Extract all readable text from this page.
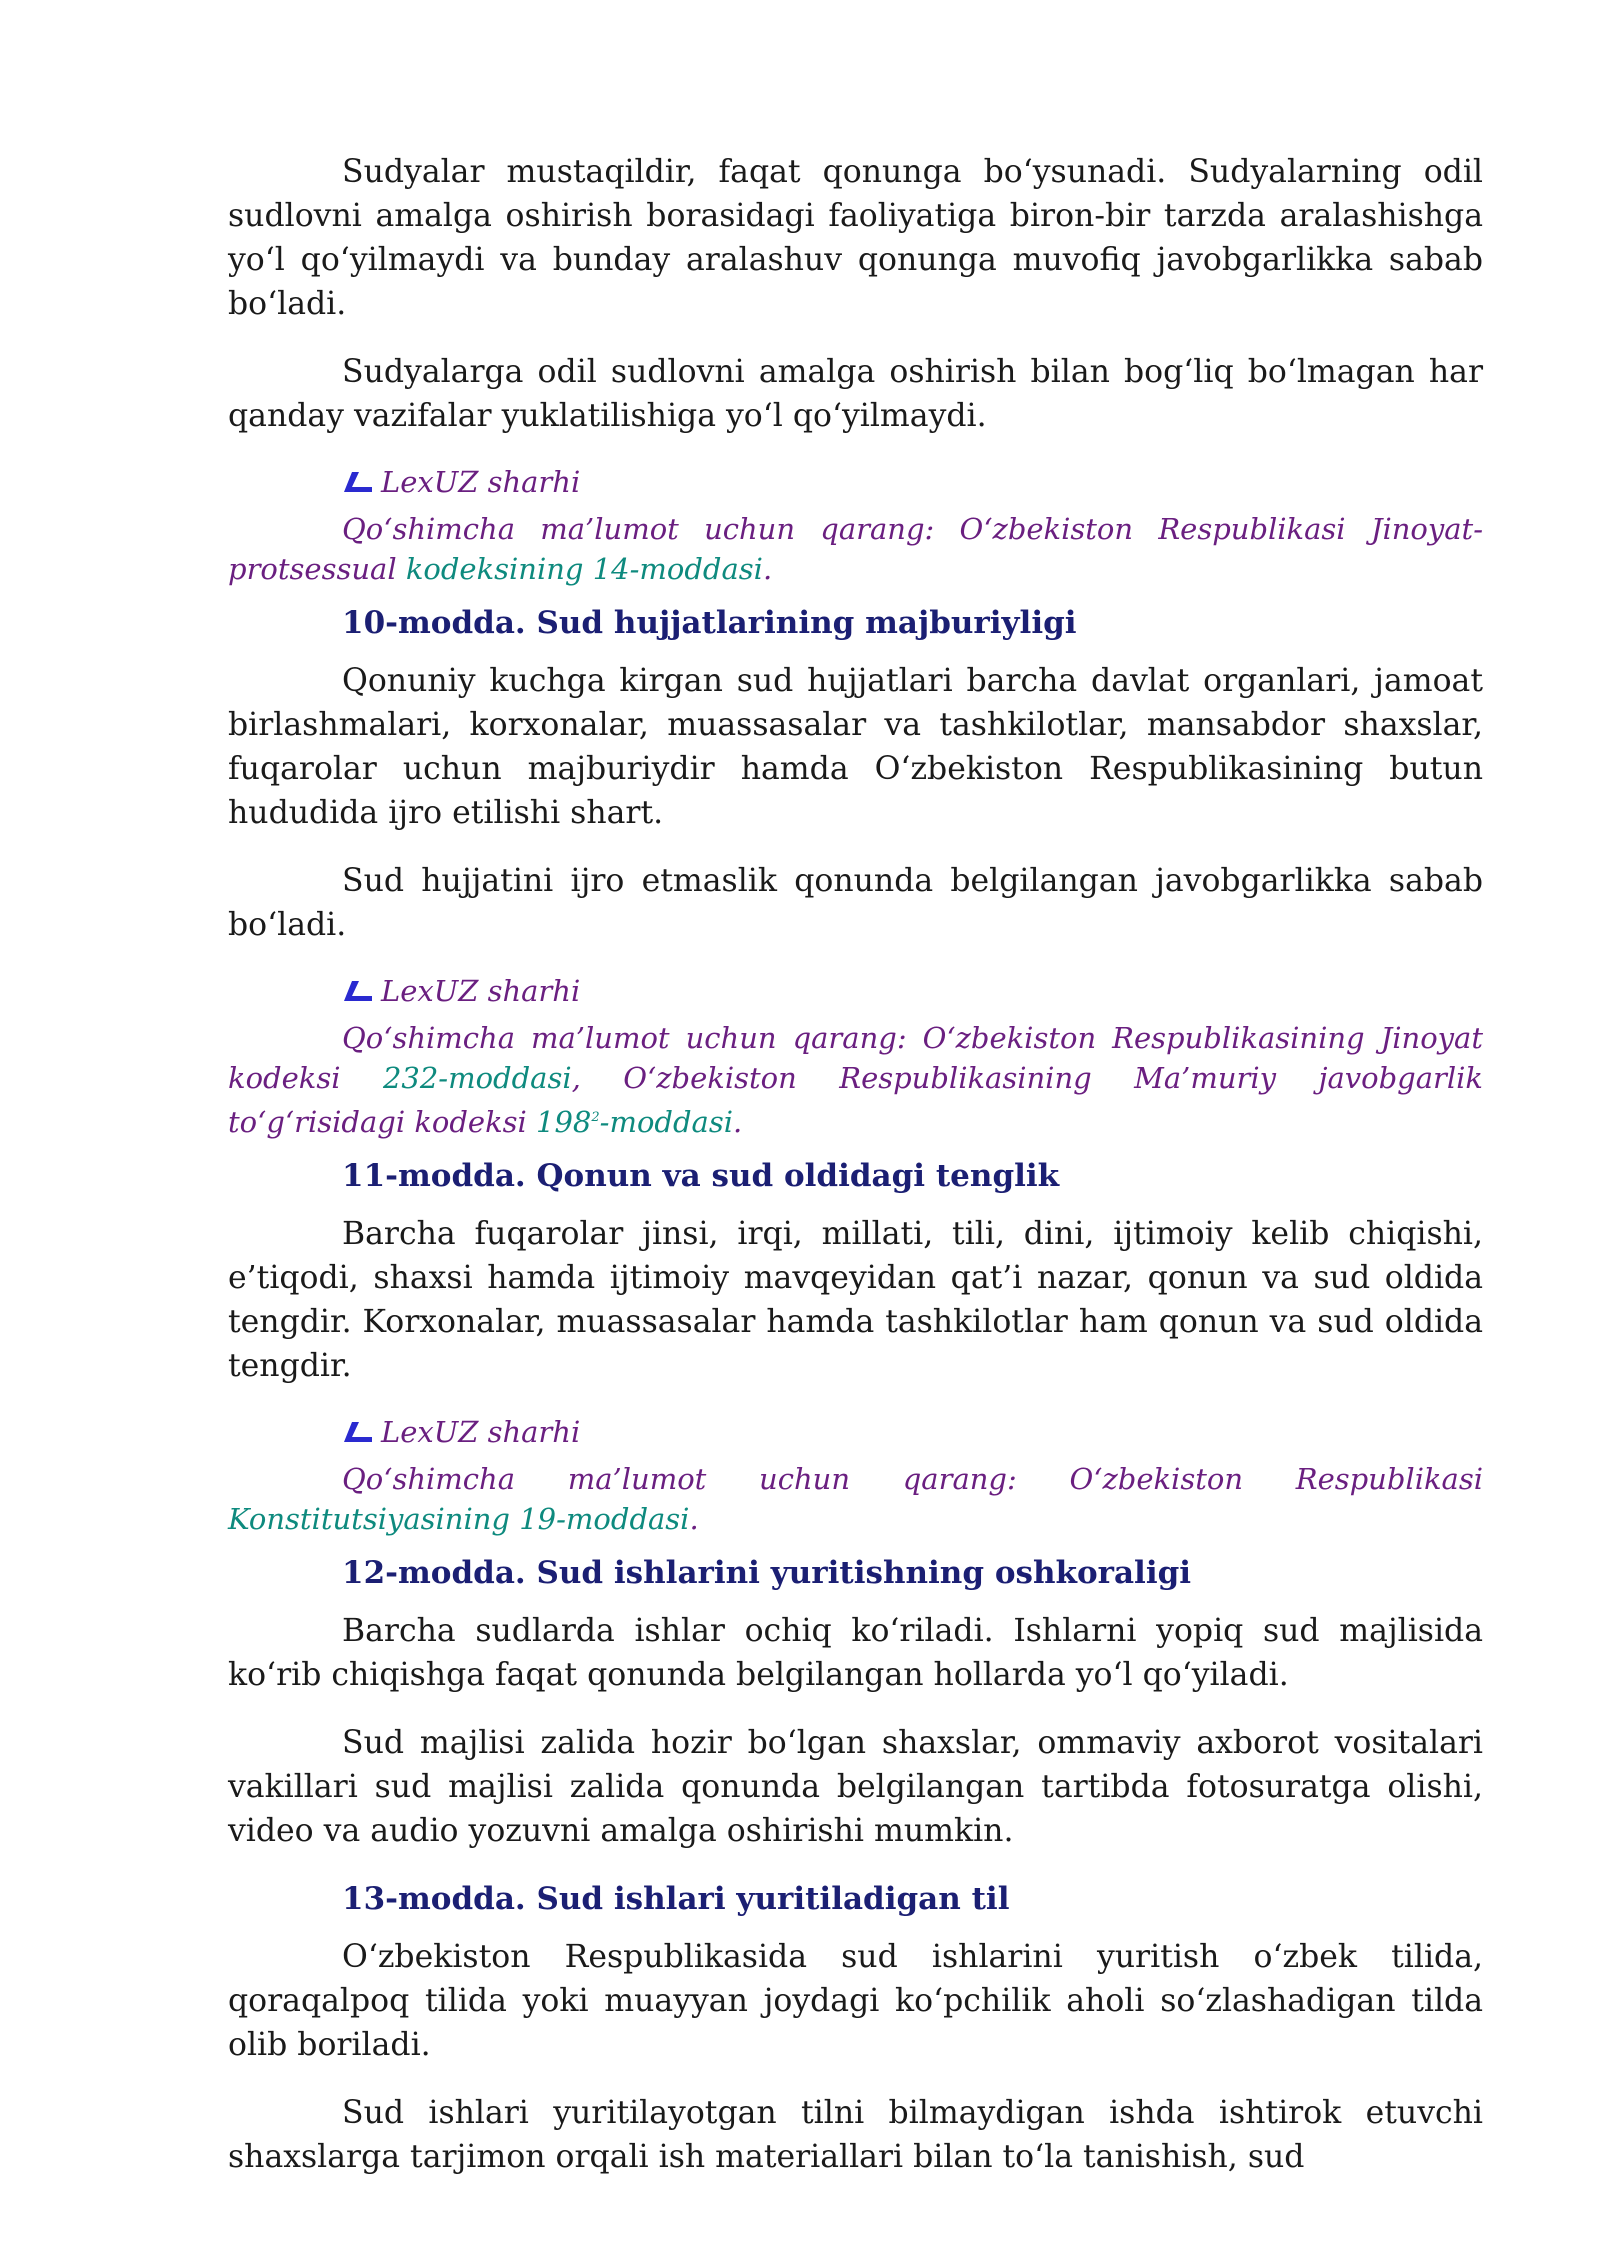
Sudyalar mustaqildir, faqat qonunga bo‘ysunadi. Sudyalarning odil sudlovni amalga oshirish borasidagi faoliyatiga biron-bir tarzda aralashishga yo‘l qo‘yilmaydi va bunday aralashuv qonunga muvofiq javobgarlikka sabab bo‘ladi.

Sudyalarga odil sudlovni amalga oshirish bilan bog‘liq bo‘lmagan har qanday vazifalar yuklatilishiga yo‘l qo‘yilmaydi.

LexUZ sharhi

Qo‘shimcha ma’lumot uchun qarang: O‘zbekiston Respublikasi Jinoyat-protsessual kodeksining 14-moddasi.

10-modda. Sud hujjatlarining majburiyligi

Qonuniy kuchga kirgan sud hujjatlari barcha davlat organlari, jamoat birlashmalari, korxonalar, muassasalar va tashkilotlar, mansabdor shaxslar, fuqarolar uchun majburiydir hamda O‘zbekiston Respublikasining butun hududida ijro etilishi shart.

Sud hujjatini ijro etmaslik qonunda belgilangan javobgarlikka sabab bo‘ladi.

LexUZ sharhi

Qo‘shimcha ma’lumot uchun qarang: O‘zbekiston Respublikasining Jinoyat kodeksi 232-moddasi, O‘zbekiston Respublikasining Ma’muriy javobgarlik to‘g‘risidagi kodeksi $198^2$-moddasi.

11-modda. Qonun va sud oldidagi tenglik

Barcha fuqarolar jinsi, irqi, millati, tili, dini, ijtimoiy kelib chiqishi, e’tiqodi, shaxsi hamda ijtimoiy mavqeyidan qat’i nazar, qonun va sud oldida tengdir. Korxonalar, muassasalar hamda tashkilotlar ham qonun va sud oldida tengdir.

LexUZ sharhi

Qo‘shimcha ma’lumot uchun qarang: O‘zbekiston Respublikasi Konstitutsiyasining 19-moddasi.

12-modda. Sud ishlarini yuritishning oshkoraligi

Barcha sudlarda ishlar ochiq ko‘riladi. Ishlarni yopiq sud majlisida ko‘rib chiqishga faqat qonunda belgilangan hollarda yo‘l qo‘yiladi.

Sud majlisi zalida hozir bo‘lgan shaxslar, ommaviy axborot vositalari vakillari sud majlisi zalida qonunda belgilangan tartibda fotosuratga olishi, video va audio yozuvni amalga oshirishi mumkin.

13-modda. Sud ishlari yuritiladigan til

O‘zbekiston Respublikasida sud ishlarini yuritish o‘zbek tilida, qoraqalpoq tilida yoki muayyan joydagi ko‘pchilik aholi so‘zlashadigan tilda olib boriladi.

Sud ishlari yuritilayotgan tilni bilmaydigan ishda ishtirok etuvchi shaxslarga tarjimon orqali ish materiallari bilan to‘la tanishish, sud
